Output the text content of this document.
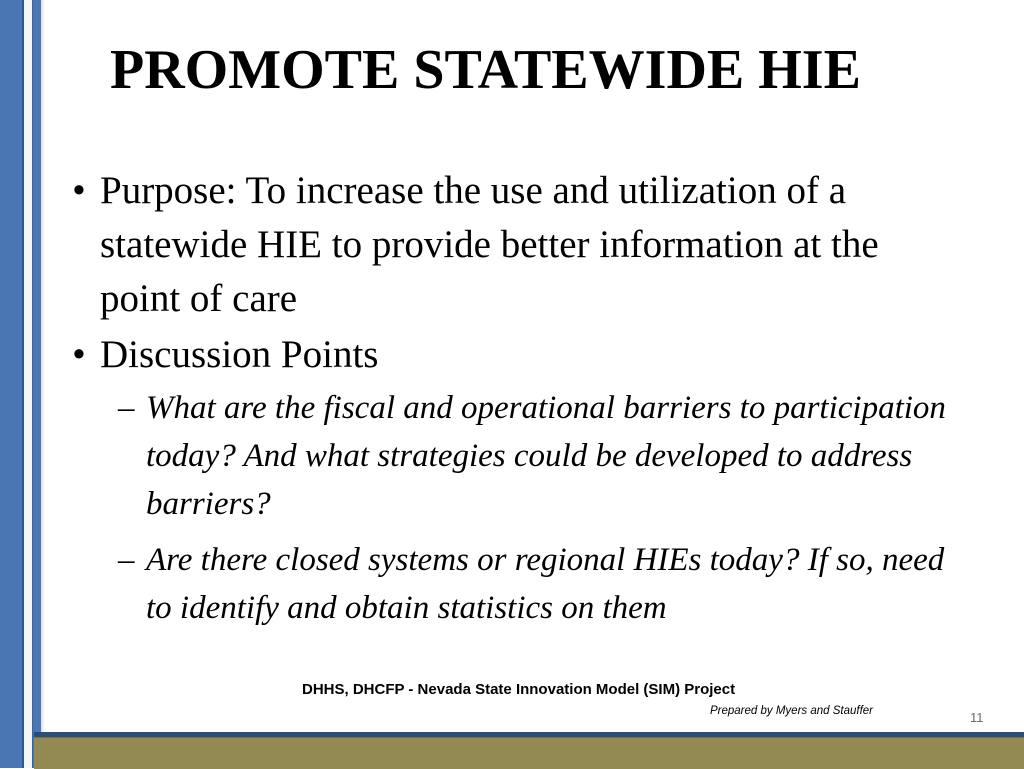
PROMOTE STATEWIDE HIE
• Purpose: To increase the use and utilization of a statewide HIE to provide better information at the point of care
• Discussion Points
– What are the fiscal and operational barriers to participation today? And what strategies could be developed to address barriers?
– Are there closed systems or regional HIEs today? If so, need to identify and obtain statistics on them
DHHS, DHCFP - Nevada State Innovation Model (SIM) Project
Prepared by Myers and Stauffer	11
